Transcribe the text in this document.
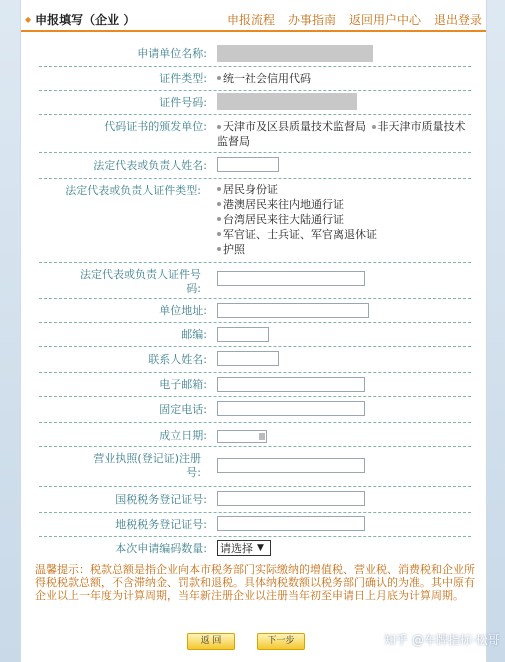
◆ 申报填写（企业 ）	申报流程 办事指南 返回用户中心 退出登录
申请单位名称:
证件类型: 统一社会信用代码
证件号码:
代码证书的颁发单位:	天津市及区县质量技术监督局 非天津市质量技术监督局
法定代表或负责人姓名:
法定代表或负责人证件类型: 居民身份证
港澳居民来往内地通行证
台湾居民来往大陆通行证
军官证、士兵证、军官离退休证
护照
法定代表或负责人证件号码:
单位地址:
邮编:
联系人姓名:
电子邮箱:
固定电话:
成立日期:
营业执照(登记证)注册号:
国税税务登记证号:
地税税务登记证号:
本次申请编码数量: 请选择 ▼
温馨提示：税款总额是指企业向本市税务部门实际缴纳的增值税、营业税、消费税和企业所得税税款总额，不含滞纳金、罚款和退税。具体纳税数额以税务部门确认的为准。其中原有企业以上一年度为计算周期，当年新注册企业以注册当年初至申请日上月底为计算周期。
返 回	下一步	知乎 @车牌指标·松哥
